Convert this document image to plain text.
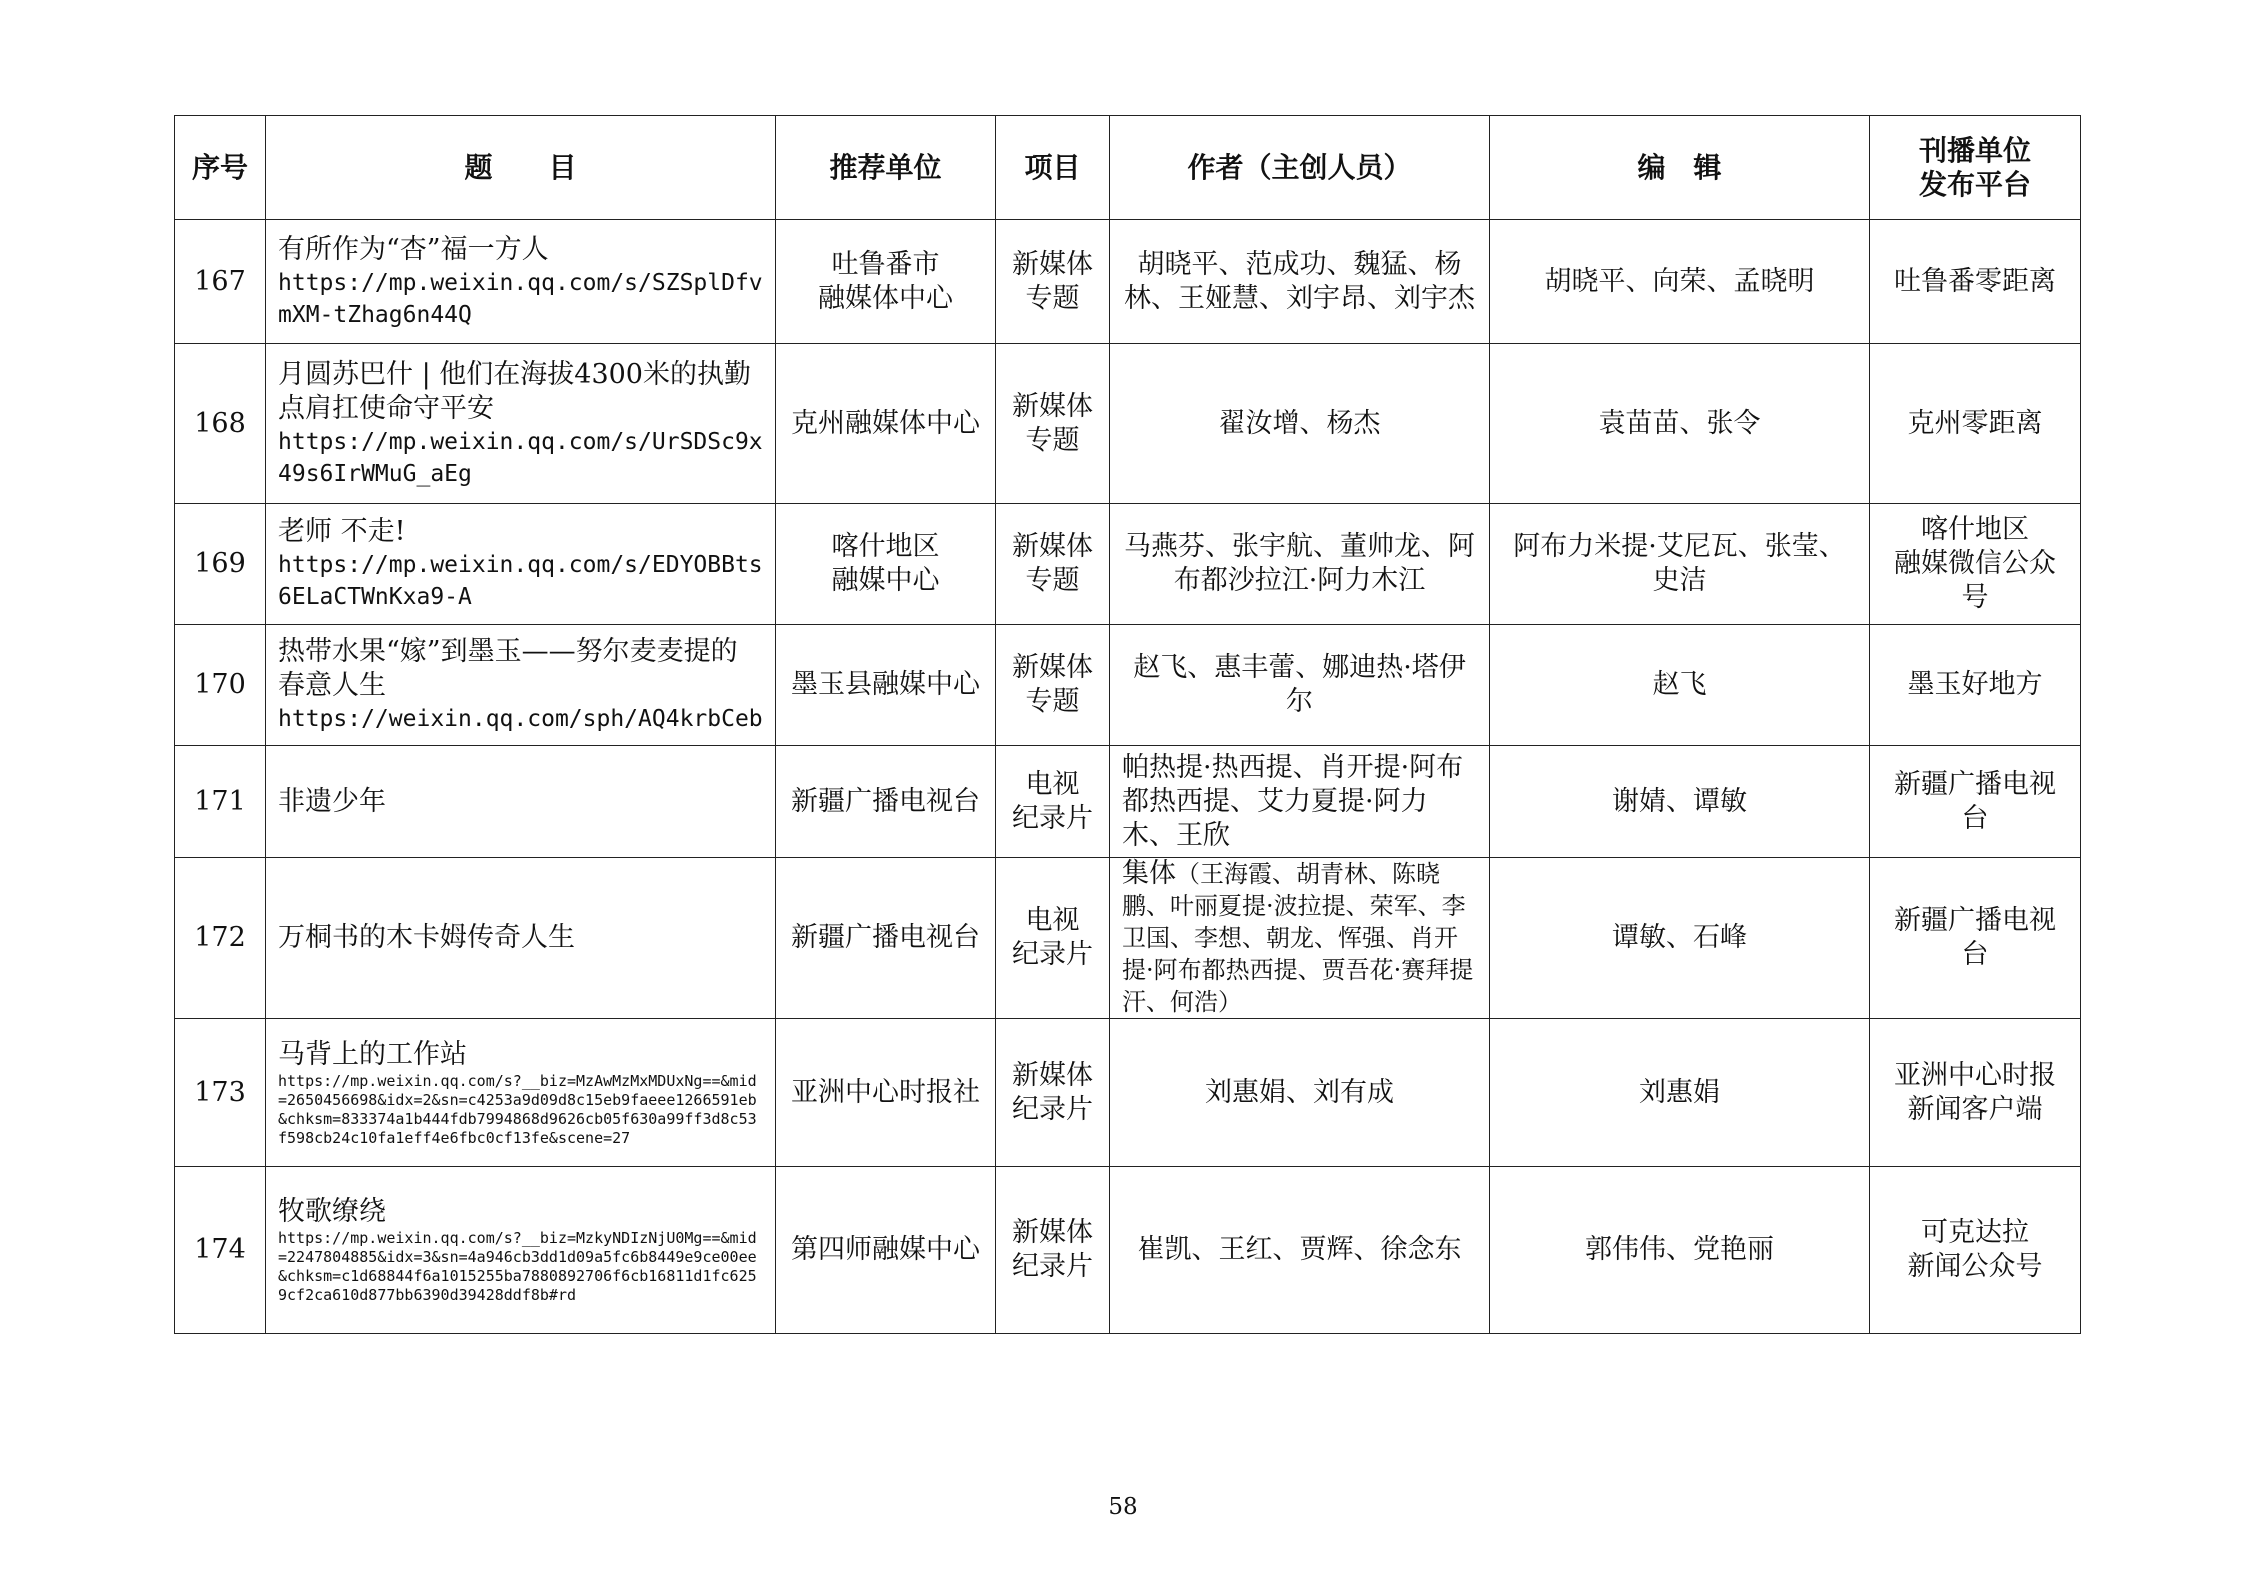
序号	题　　目	推荐单位	项目	作者（主创人员）	编　辑	刊播单位
发布平台

167	有所作为“杏”福一方人
https://mp.weixin.qq.com/s/SZSplDfvmXM-tZhag6n44Q	吐鲁番市
融媒体中心	新媒体
专题	胡晓平、范成功、魏猛、杨林、王娅慧、刘宇昂、刘宇杰	胡晓平、向荣、孟晓明	吐鲁番零距离

168	月圆苏巴什 | 他们在海拔4300米的执勤点肩扛使命守平安
https://mp.weixin.qq.com/s/UrSDSc9x49s6IrWMuG_aEg	克州融媒体中心	新媒体
专题	翟汝增、杨杰	袁苗苗、张令	克州零距离

169	老师 不走!
https://mp.weixin.qq.com/s/EDYOBBts6ELaCTWnKxa9-A	喀什地区
融媒中心	新媒体
专题	马燕芬、张宇航、董帅龙、阿布都沙拉江·阿力木江	阿布力米提·艾尼瓦、张莹、史洁	喀什地区
融媒微信公众号

170	热带水果“嫁”到墨玉——努尔麦麦提的春意人生
https://weixin.qq.com/sph/AQ4krbCeb	墨玉县融媒中心	新媒体
专题	赵飞、惠丰蕾、娜迪热·塔伊尔	赵飞	墨玉好地方

171	非遗少年	新疆广播电视台	电视
纪录片	帕热提·热西提、肖开提·阿布都热西提、艾力夏提·阿力木、王欣	谢婧、谭敏	新疆广播电视台

172	万桐书的木卡姆传奇人生	新疆广播电视台	电视
纪录片	集体（王海霞、胡青林、陈晓鹏、叶丽夏提·波拉提、荣军、李卫国、李想、朝龙、恽强、肖开提·阿布都热西提、贾吾花·赛拜提汗、何浩）	谭敏、石峰	新疆广播电视台

173	马背上的工作站
https://mp.weixin.qq.com/s?__biz=MzAwMzMxMDUxNg==&mid=2650456698&idx=2&sn=c4253a9d09d8c15eb9faeee1266591eb&chksm=833374a1b444fdb7994868d9626cb05f630a99ff3d8c53f598cb24c10fa1eff4e6fbc0cf13fe&scene=27	亚洲中心时报社	新媒体
纪录片	刘惠娟、刘有成	刘惠娟	亚洲中心时报
新闻客户端

174	牧歌缭绕
https://mp.weixin.qq.com/s?__biz=MzkyNDIzNjU0Mg==&mid=2247804885&idx=3&sn=4a946cb3dd1d09a5fc6b8449e9ce00ee&chksm=c1d68844f6a1015255ba7880892706f6cb16811d1fc6259cf2ca610d877bb6390d39428ddf8b#rd	第四师融媒中心	新媒体
纪录片	崔凯、王红、贾辉、徐念东	郭伟伟、党艳丽	可克达拉
新闻公众号
58
